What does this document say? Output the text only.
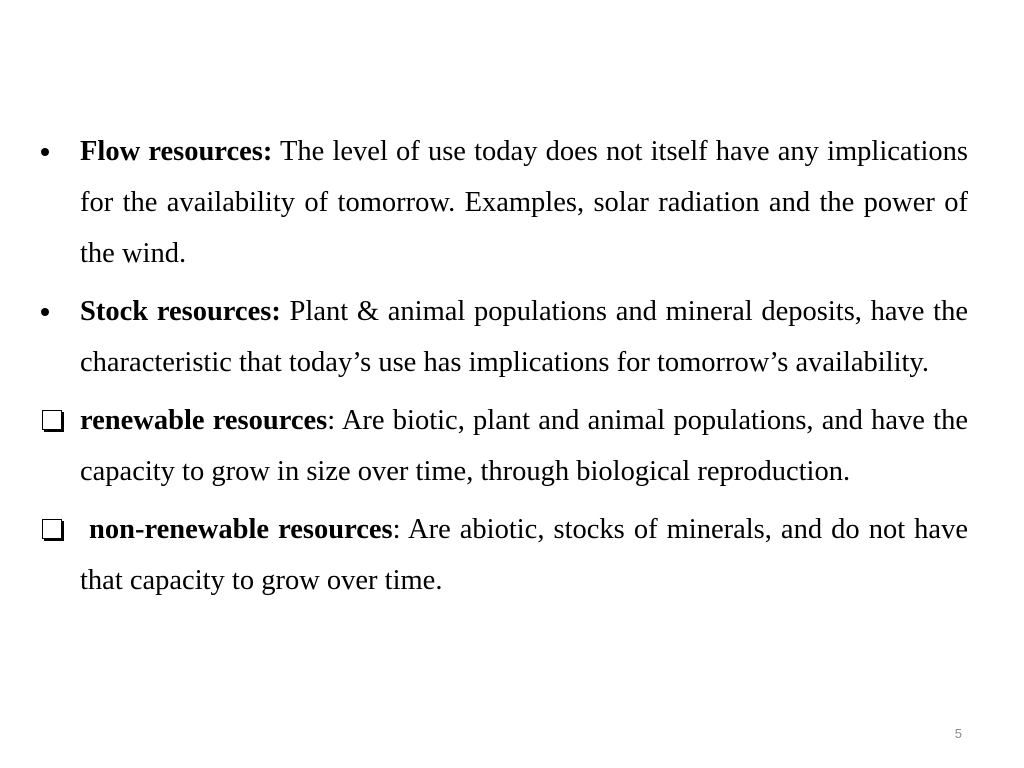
Flow resources: The level of use today does not itself have any implications for the availability of tomorrow. Examples, solar radiation and the power of the wind.
Stock resources: Plant & animal populations and mineral deposits, have the characteristic that today’s use has implications for tomorrow’s availability.
renewable resources: Are biotic, plant and animal populations, and have the capacity to grow in size over time, through biological reproduction.
non-renewable resources: Are abiotic, stocks of minerals, and do not have that capacity to grow over time.
5
